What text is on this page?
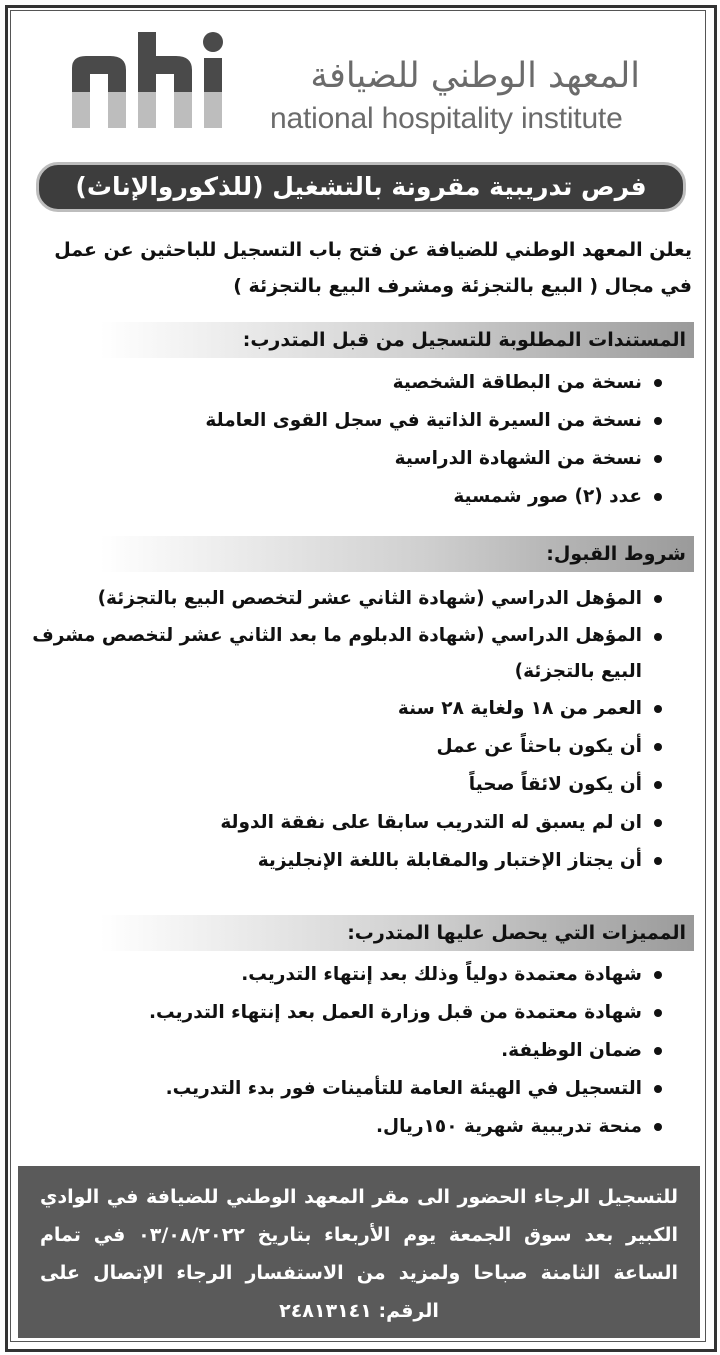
المعهد الوطني للضيافة
national hospitality institute
فرص تدريبية مقرونة بالتشغيل (للذكوروالإناث)
يعلن المعهد الوطني للضيافة عن فتح باب التسجيل للباحثين عن عمل في مجال ( البيع بالتجزئة ومشرف البيع بالتجزئة )
المستندات المطلوبة للتسجيل من قبل المتدرب:
نسخة من البطاقة الشخصية
نسخة من السيرة الذاتية في سجل القوى العاملة
نسخة من الشهادة الدراسية
عدد (٢) صور شمسية
شروط القبول:
المؤهل الدراسي (شهادة الثاني عشر لتخصص البيع بالتجزئة)
المؤهل الدراسي (شهادة الدبلوم ما بعد الثاني عشر لتخصص مشرف البيع بالتجزئة)
العمر من ١٨ ولغاية ٢٨ سنة
أن يكون باحثاً عن عمل
أن يكون لائقاً صحياً
ان لم يسبق له التدريب سابقا على نفقة الدولة
أن يجتاز الإختبار والمقابلة باللغة الإنجليزية
المميزات التي يحصل عليها المتدرب:
شهادة معتمدة دولياً وذلك بعد إنتهاء التدريب.
شهادة معتمدة من قبل وزارة العمل بعد إنتهاء التدريب.
ضمان الوظيفة.
التسجيل في الهيئة العامة للتأمينات فور بدء التدريب.
منحة تدريبية شهرية ١٥٠ريال.
للتسجيل الرجاء الحضور الى مقر المعهد الوطني للضيافة في الوادي الكبير بعد سوق الجمعة يوم الأربعاء بتاريخ ٠٣/٠٨/٢٠٢٢ في تمام الساعة الثامنة صباحا ولمزيد من الاستفسار الرجاء الإتصال على الرقم: ٢٤٨١٣١٤١
